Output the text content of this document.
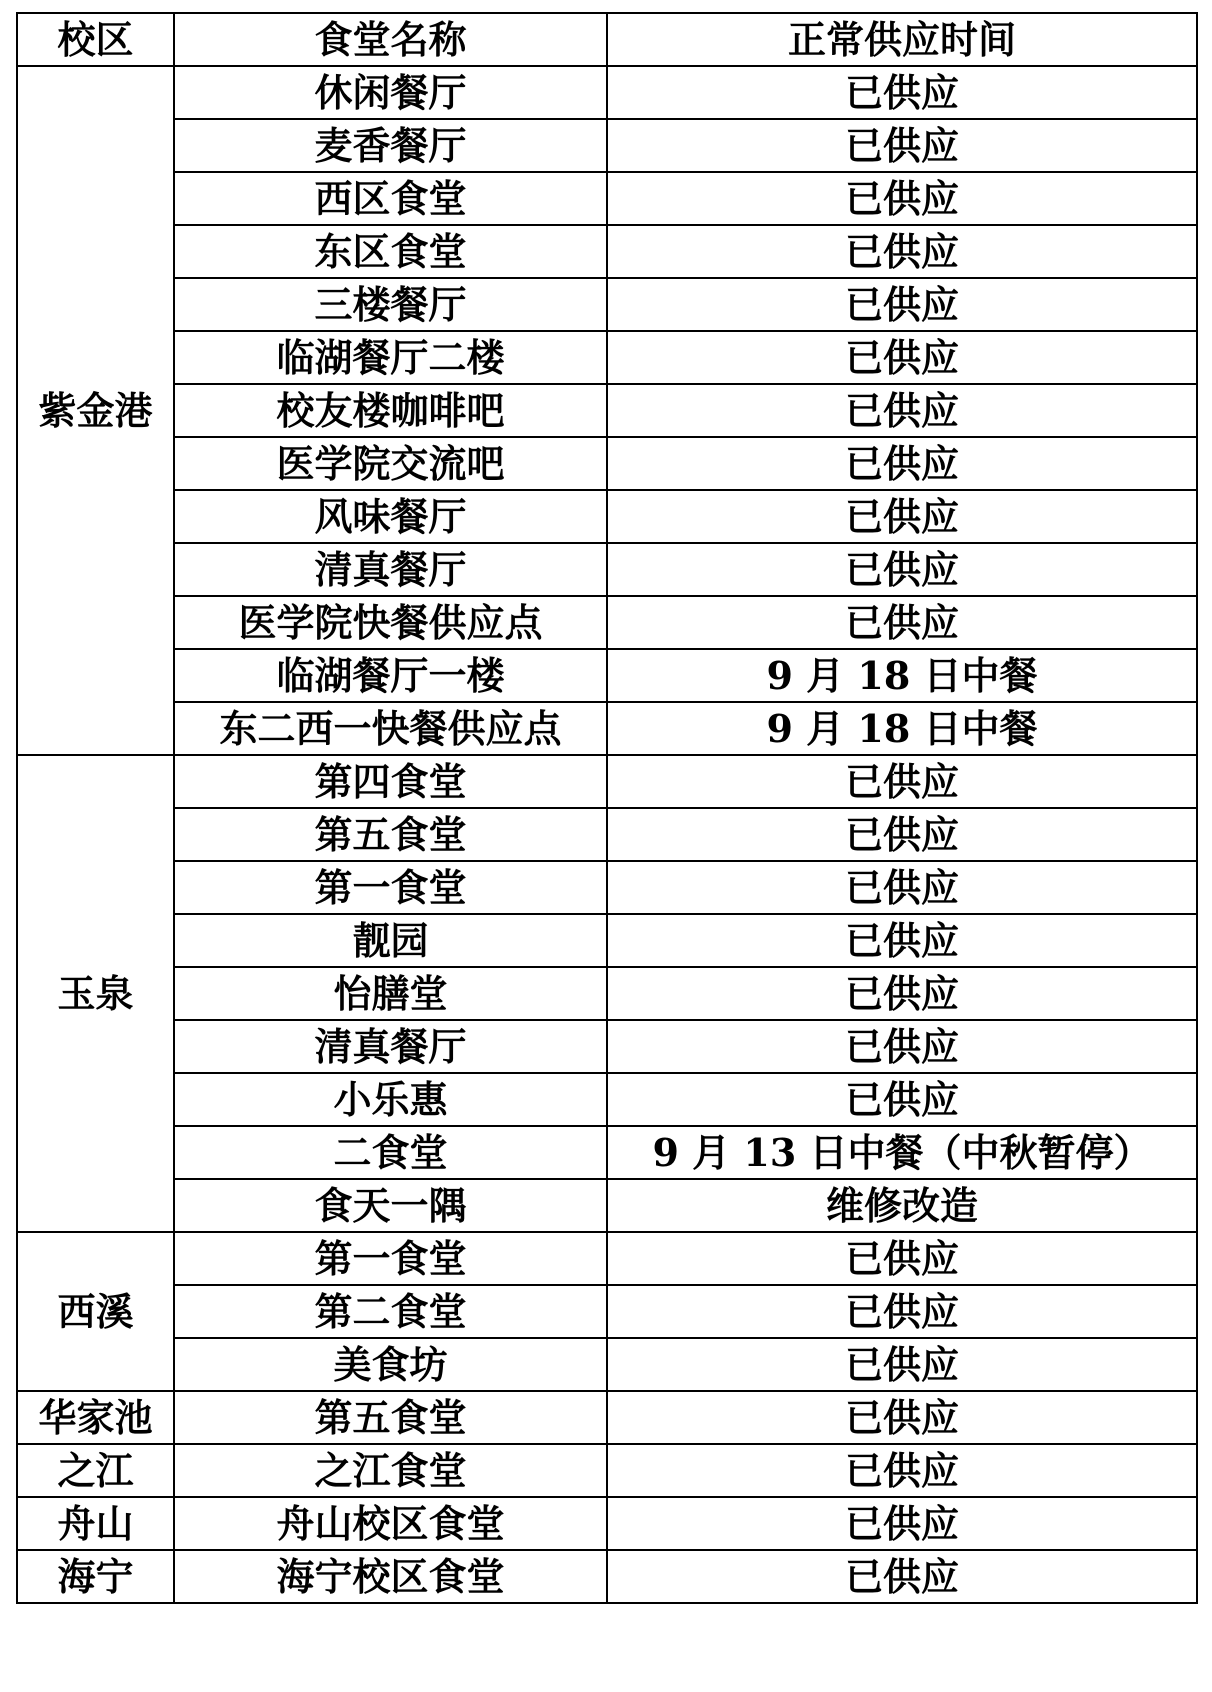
校区	食堂名称	正常供应时间
紫金港	休闲餐厅	已供应
	麦香餐厅	已供应
	西区食堂	已供应
	东区食堂	已供应
	三楼餐厅	已供应
	临湖餐厅二楼	已供应
	校友楼咖啡吧	已供应
	医学院交流吧	已供应
	风味餐厅	已供应
	清真餐厅	已供应
	医学院快餐供应点	已供应
	临湖餐厅一楼	9 月 18 日中餐
	东二西一快餐供应点	9 月 18 日中餐
玉泉	第四食堂	已供应
	第五食堂	已供应
	第一食堂	已供应
	靓园	已供应
	怡膳堂	已供应
	清真餐厅	已供应
	小乐惠	已供应
	二食堂	9 月 13 日中餐（中秋暂停）
	食天一隅	维修改造
西溪	第一食堂	已供应
	第二食堂	已供应
	美食坊	已供应
华家池	第五食堂	已供应
之江	之江食堂	已供应
舟山	舟山校区食堂	已供应
海宁	海宁校区食堂	已供应
